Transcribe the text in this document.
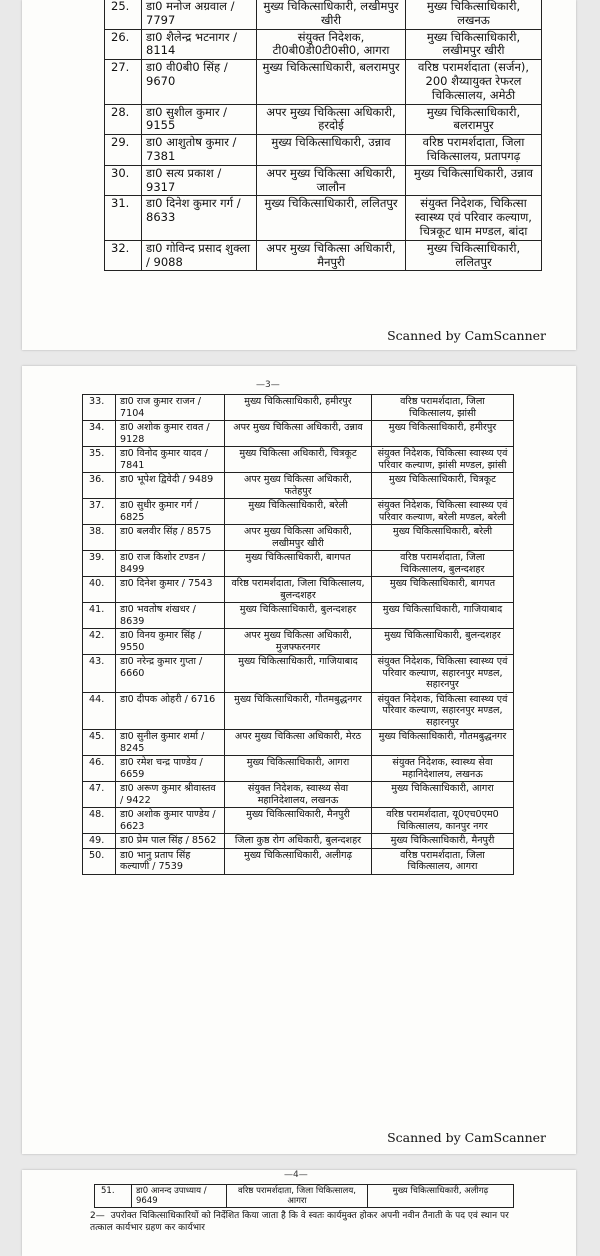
25.	डा0 मनोज अग्रवाल / 7797	मुख्य चिकित्साधिकारी, लखीमपुर खीरी	मुख्य चिकित्साधिकारी, लखनऊ
26.	डा0 शैलेन्द्र भटनागर / 8114	संयुक्त निदेशक, टी0बी0डी0टी0सी0, आगरा	मुख्य चिकित्साधिकारी, लखीमपुर खीरी
27.	डा0 वी0बी0 सिंह / 9670	मुख्य चिकित्साधिकारी, बलरामपुर	वरिष्ठ परामर्शदाता (सर्जन), 200 शैय्यायुक्त रेफरल चिकित्सालय, अमेठी
28.	डा0 सुशील कुमार / 9155	अपर मुख्य चिकित्सा अधिकारी, हरदोई	मुख्य चिकित्साधिकारी, बलरामपुर
29.	डा0 आशुतोष कुमार / 7381	मुख्य चिकित्साधिकारी, उन्नाव	वरिष्ठ परामर्शदाता, जिला चिकित्सालय, प्रतापगढ़
30.	डा0 सत्य प्रकाश / 9317	अपर मुख्य चिकित्सा अधिकारी, जालौन	मुख्य चिकित्साधिकारी, उन्नाव
31.	डा0 दिनेश कुमार गर्ग / 8633	मुख्य चिकित्साधिकारी, ललितपुर	संयुक्त निदेशक, चिकित्सा स्वास्थ्य एवं परिवार कल्याण, चित्रकूट धाम मण्डल, बांदा
32.	डा0 गोविन्द प्रसाद शुक्ला / 9088	अपर मुख्य चिकित्सा अधिकारी, मैनपुरी	मुख्य चिकित्साधिकारी, ललितपुर
Scanned by CamScanner
—3—
33.	डा0 राज कुमार राजन / 7104	मुख्य चिकित्साधिकारी, हमीरपुर	वरिष्ठ परामर्शदाता, जिला चिकित्सालय, झांसी
34.	डा0 अशोक कुमार रावत / 9128	अपर मुख्य चिकित्सा अधिकारी, उन्नाव	मुख्य चिकित्साधिकारी, हमीरपुर
35.	डा0 विनोद कुमार यादव / 7841	मुख्य चिकित्सा अधिकारी, चित्रकूट	संयुक्त निदेशक, चिकित्सा स्वास्थ्य एवं परिवार कल्याण, झांसी मण्डल, झांसी
36.	डा0 भूपेश द्विवेदी / 9489	अपर मुख्य चिकित्सा अधिकारी, फतेहपुर	मुख्य चिकित्साधिकारी, चित्रकूट
37.	डा0 सुधीर कुमार गर्ग / 6825	मुख्य चिकित्साधिकारी, बरेली	संयुक्त निदेशक, चिकित्सा स्वास्थ्य एवं परिवार कल्याण, बरेली मण्डल, बरेली
38.	डा0 बलवीर सिंह / 8575	अपर मुख्य चिकित्सा अधिकारी, लखीमपुर खीरी	मुख्य चिकित्साधिकारी, बरेली
39.	डा0 राज किशोर टण्डन / 8499	मुख्य चिकित्साधिकारी, बागपत	वरिष्ठ परामर्शदाता, जिला चिकित्सालय, बुलन्दशहर
40.	डा0 दिनेश कुमार / 7543	वरिष्ठ परामर्शदाता, जिला चिकित्सालय, बुलन्दशहर	मुख्य चिकित्साधिकारी, बागपत
41.	डा0 भवतोष शंखधर / 8639	मुख्य चिकित्साधिकारी, बुलन्दशहर	मुख्य चिकित्साधिकारी, गाजियाबाद
42.	डा0 विनय कुमार सिंह / 9550	अपर मुख्य चिकित्सा अधिकारी, मुजफ्फरनगर	मुख्य चिकित्साधिकारी, बुलन्दशहर
43.	डा0 नरेन्द्र कुमार गुप्ता / 6660	मुख्य चिकित्साधिकारी, गाजियाबाद	संयुक्त निदेशक, चिकित्सा स्वास्थ्य एवं परिवार कल्याण, सहारनपुर मण्डल, सहारनपुर
44.	डा0 दीपक ओहरी / 6716	मुख्य चिकित्साधिकारी, गौतमबुद्धनगर	संयुक्त निदेशक, चिकित्सा स्वास्थ्य एवं परिवार कल्याण, सहारनपुर मण्डल, सहारनपुर
45.	डा0 सुनील कुमार शर्मा / 8245	अपर मुख्य चिकित्सा अधिकारी, मेरठ	मुख्य चिकित्साधिकारी, गौतमबुद्धनगर
46.	डा0 रमेश चन्द्र पाण्डेय / 6659	मुख्य चिकित्साधिकारी, आगरा	संयुक्त निदेशक, स्वास्थ्य सेवा महानिदेशालय, लखनऊ
47.	डा0 अरूण कुमार श्रीवास्तव / 9422	संयुक्त निदेशक, स्वास्थ्य सेवा महानिदेशालय, लखनऊ	मुख्य चिकित्साधिकारी, आगरा
48.	डा0 अशोक कुमार पाण्डेय / 6623	मुख्य चिकित्साधिकारी, मैनपुरी	वरिष्ठ परामर्शदाता, यू0एच0एम0 चिकित्सालय, कानपुर नगर
49.	डा0 प्रेम पाल सिंह / 8562	जिला कुष्ठ रोग अधिकारी, बुलन्दशहर	मुख्य चिकित्साधिकारी, मैनपुरी
50.	डा0 भानु प्रताप सिंह कल्याणी / 7539	मुख्य चिकित्साधिकारी, अलीगढ़	वरिष्ठ परामर्शदाता, जिला चिकित्सालय, आगरा
Scanned by CamScanner
—4—
51.	डा0 आनन्द उपाध्याय / 9649	वरिष्ठ परामर्शदाता, जिला चिकित्सालय, आगरा	मुख्य चिकित्साधिकारी, अलीगढ़
2— उपरोक्त चिकित्साधिकारियों को निर्देशित किया जाता है कि वे स्वतः कार्यमुक्त होकर अपनी नवीन तैनाती के पद एवं स्थान पर तत्काल कार्यभार ग्रहण कर कार्यभार
